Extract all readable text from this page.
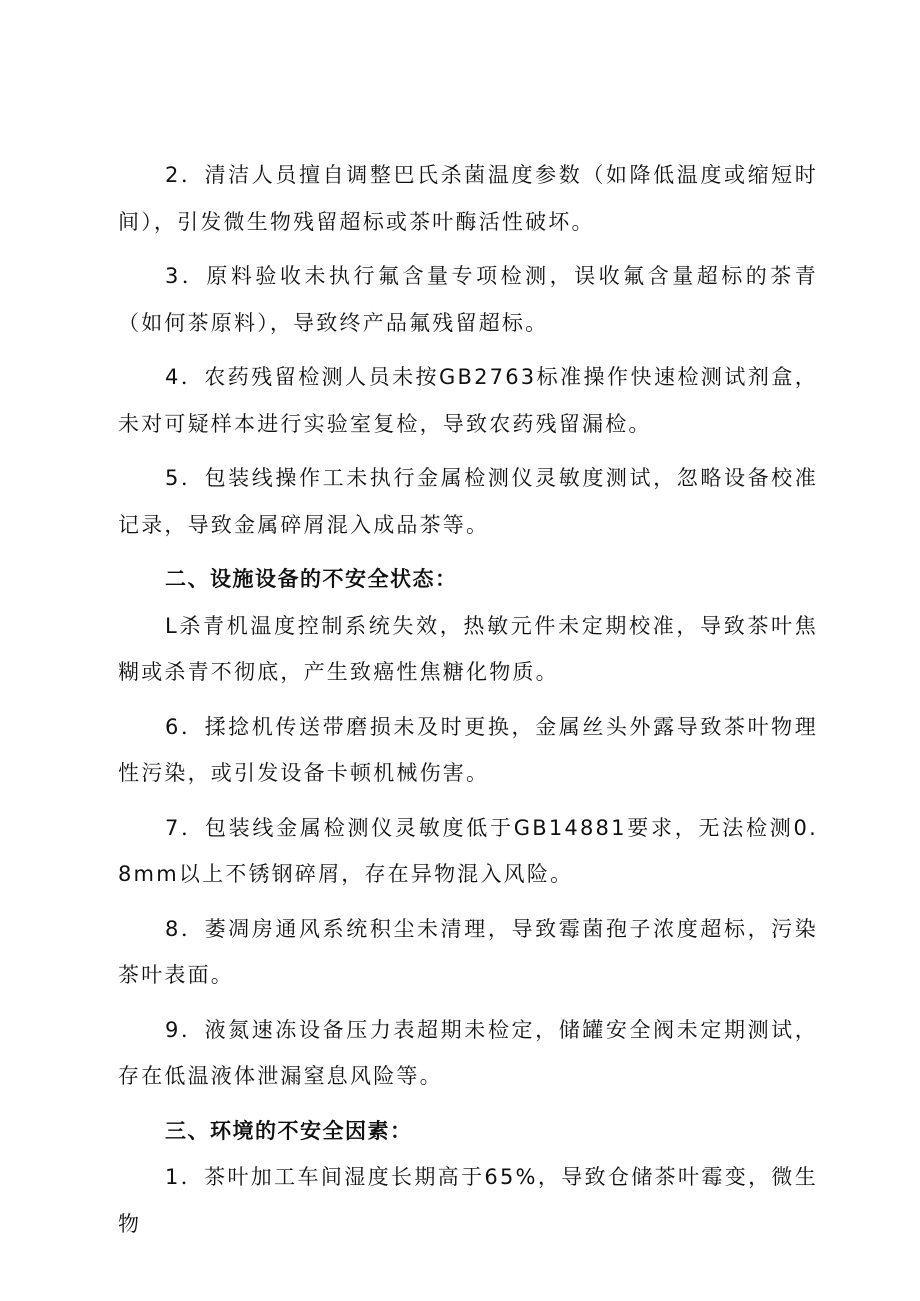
2．清洁人员擅自调整巴氏杀菌温度参数（如降低温度或缩短时间），引发微生物残留超标或茶叶酶活性破坏。

3．原料验收未执行氟含量专项检测，误收氟含量超标的茶青（如何茶原料），导致终产品氟残留超标。

4．农药残留检测人员未按GB2763标准操作快速检测试剂盒，未对可疑样本进行实验室复检，导致农药残留漏检。

5．包装线操作工未执行金属检测仪灵敏度测试，忽略设备校准记录，导致金属碎屑混入成品茶等。

二、设施设备的不安全状态：

L杀青机温度控制系统失效，热敏元件未定期校准，导致茶叶焦糊或杀青不彻底，产生致癌性焦糖化物质。

6．揉捻机传送带磨损未及时更换，金属丝头外露导致茶叶物理性污染，或引发设备卡顿机械伤害。

7．包装线金属检测仪灵敏度低于GB14881要求，无法检测0.8mm以上不锈钢碎屑，存在异物混入风险。

8．萎凋房通风系统积尘未清理，导致霉菌孢子浓度超标，污染茶叶表面。

9．液氮速冻设备压力表超期未检定，储罐安全阀未定期测试，存在低温液体泄漏窒息风险等。

三、环境的不安全因素：

1．茶叶加工车间湿度长期高于65%，导致仓储茶叶霉变，微生物
